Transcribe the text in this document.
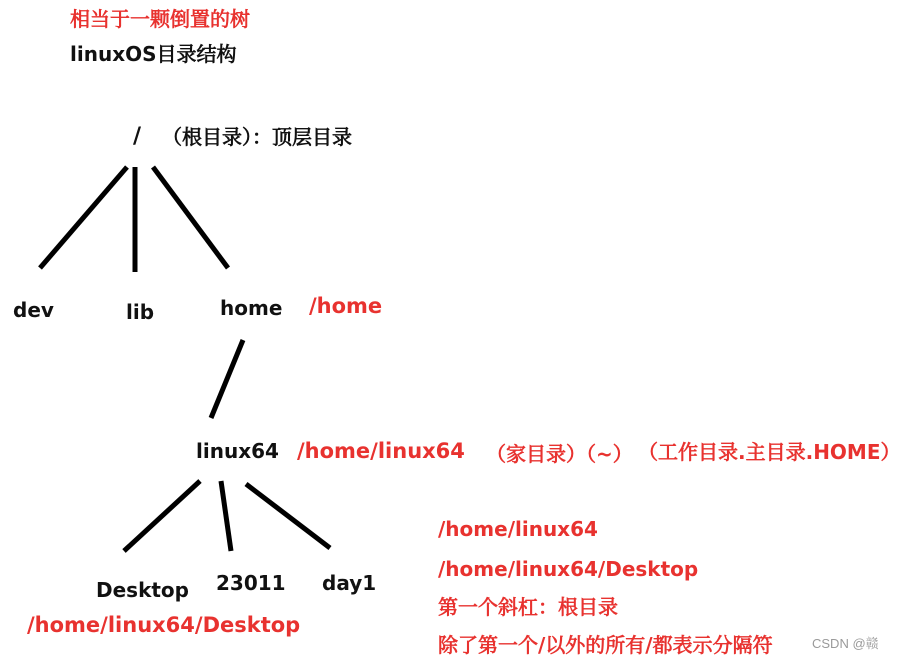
相当于一颗倒置的树
linuxOS目录结构
/ （根目录）：顶层目录
dev	lib	home /home
linux64 /home/linux64 （家目录）（~） （工作目录.主目录.HOME）
Desktop 23011 day1
/home/linux64/Desktop
/home/linux64
/home/linux64/Desktop
第一个斜杠：根目录
除了第一个/以外的所有/都表示分隔符	CSDN @赣
